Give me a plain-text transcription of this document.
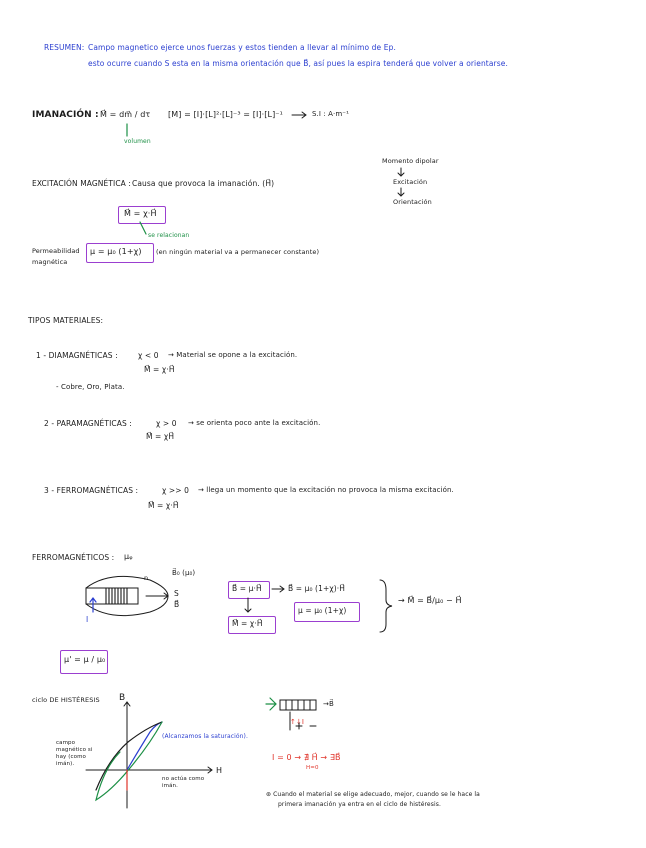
RESUMEN: Campo magnetico ejerce unos fuerzas y estos tienden a llevar al mínimo de Ep.
esto ocurre cuando S esta en la misma orientación que B⃗, así pues la espira tenderá que volver a orientarse.
IMANACIÓN : M⃗ = dm⃗ / dτ
volumen
[M] = [I]·[L]²·[L]⁻³ = [I]·[L]⁻¹	S.I : A·m⁻¹
Momento dipolar
Excitación
Orientación
EXCITACIÓN MAGNÉTICA : Causa que provoca la imanación. (H⃗)
M⃗ = χ·H⃗
se relacionan
Permeabilidad
magnética
μ = μ₀ (1+χ) (en ningún material va a permanecer constante)
TIPOS MATERIALES:
1 - DIAMAGNÉTICAS :	χ < 0 → Material se opone a la excitación.
M⃗ = χ·H⃗
- Cobre, Oro, Plata.
2 - PARAMAGNÉTICAS :	χ > 0 → se orienta poco ante la excitación.
M⃗ = χH⃗
3 - FERROMAGNÉTICAS :	χ >> 0 → llega un momento que la excitación no provoca la misma excitación.
M⃗ = χ·H⃗
FERROMAGNÉTICOS : μᵩ
B⃗₀ (μ₀)
n
S
B⃗
I
B⃗ = μ·H⃗	B⃗ = μ₀ (1+χ)·H⃗
M⃗ = χ·H⃗
μ = μ₀ (1+χ)
→ M⃗ = B⃗/μ₀ − H⃗
μ' = μ / μ₀
ciclo DE HISTÉRESIS B
H
(Alcanzamos la saturación).
campo magnético si hay (como imán).
no actúa como imán.
→B⃗
↑↓I
I = 0 → ∄ H⃗ → ∃B⃗
H=0
⊛ Cuando el material se elige adecuado, mejor, cuando se le hace la
primera imanación ya entra en el ciclo de histéresis.
